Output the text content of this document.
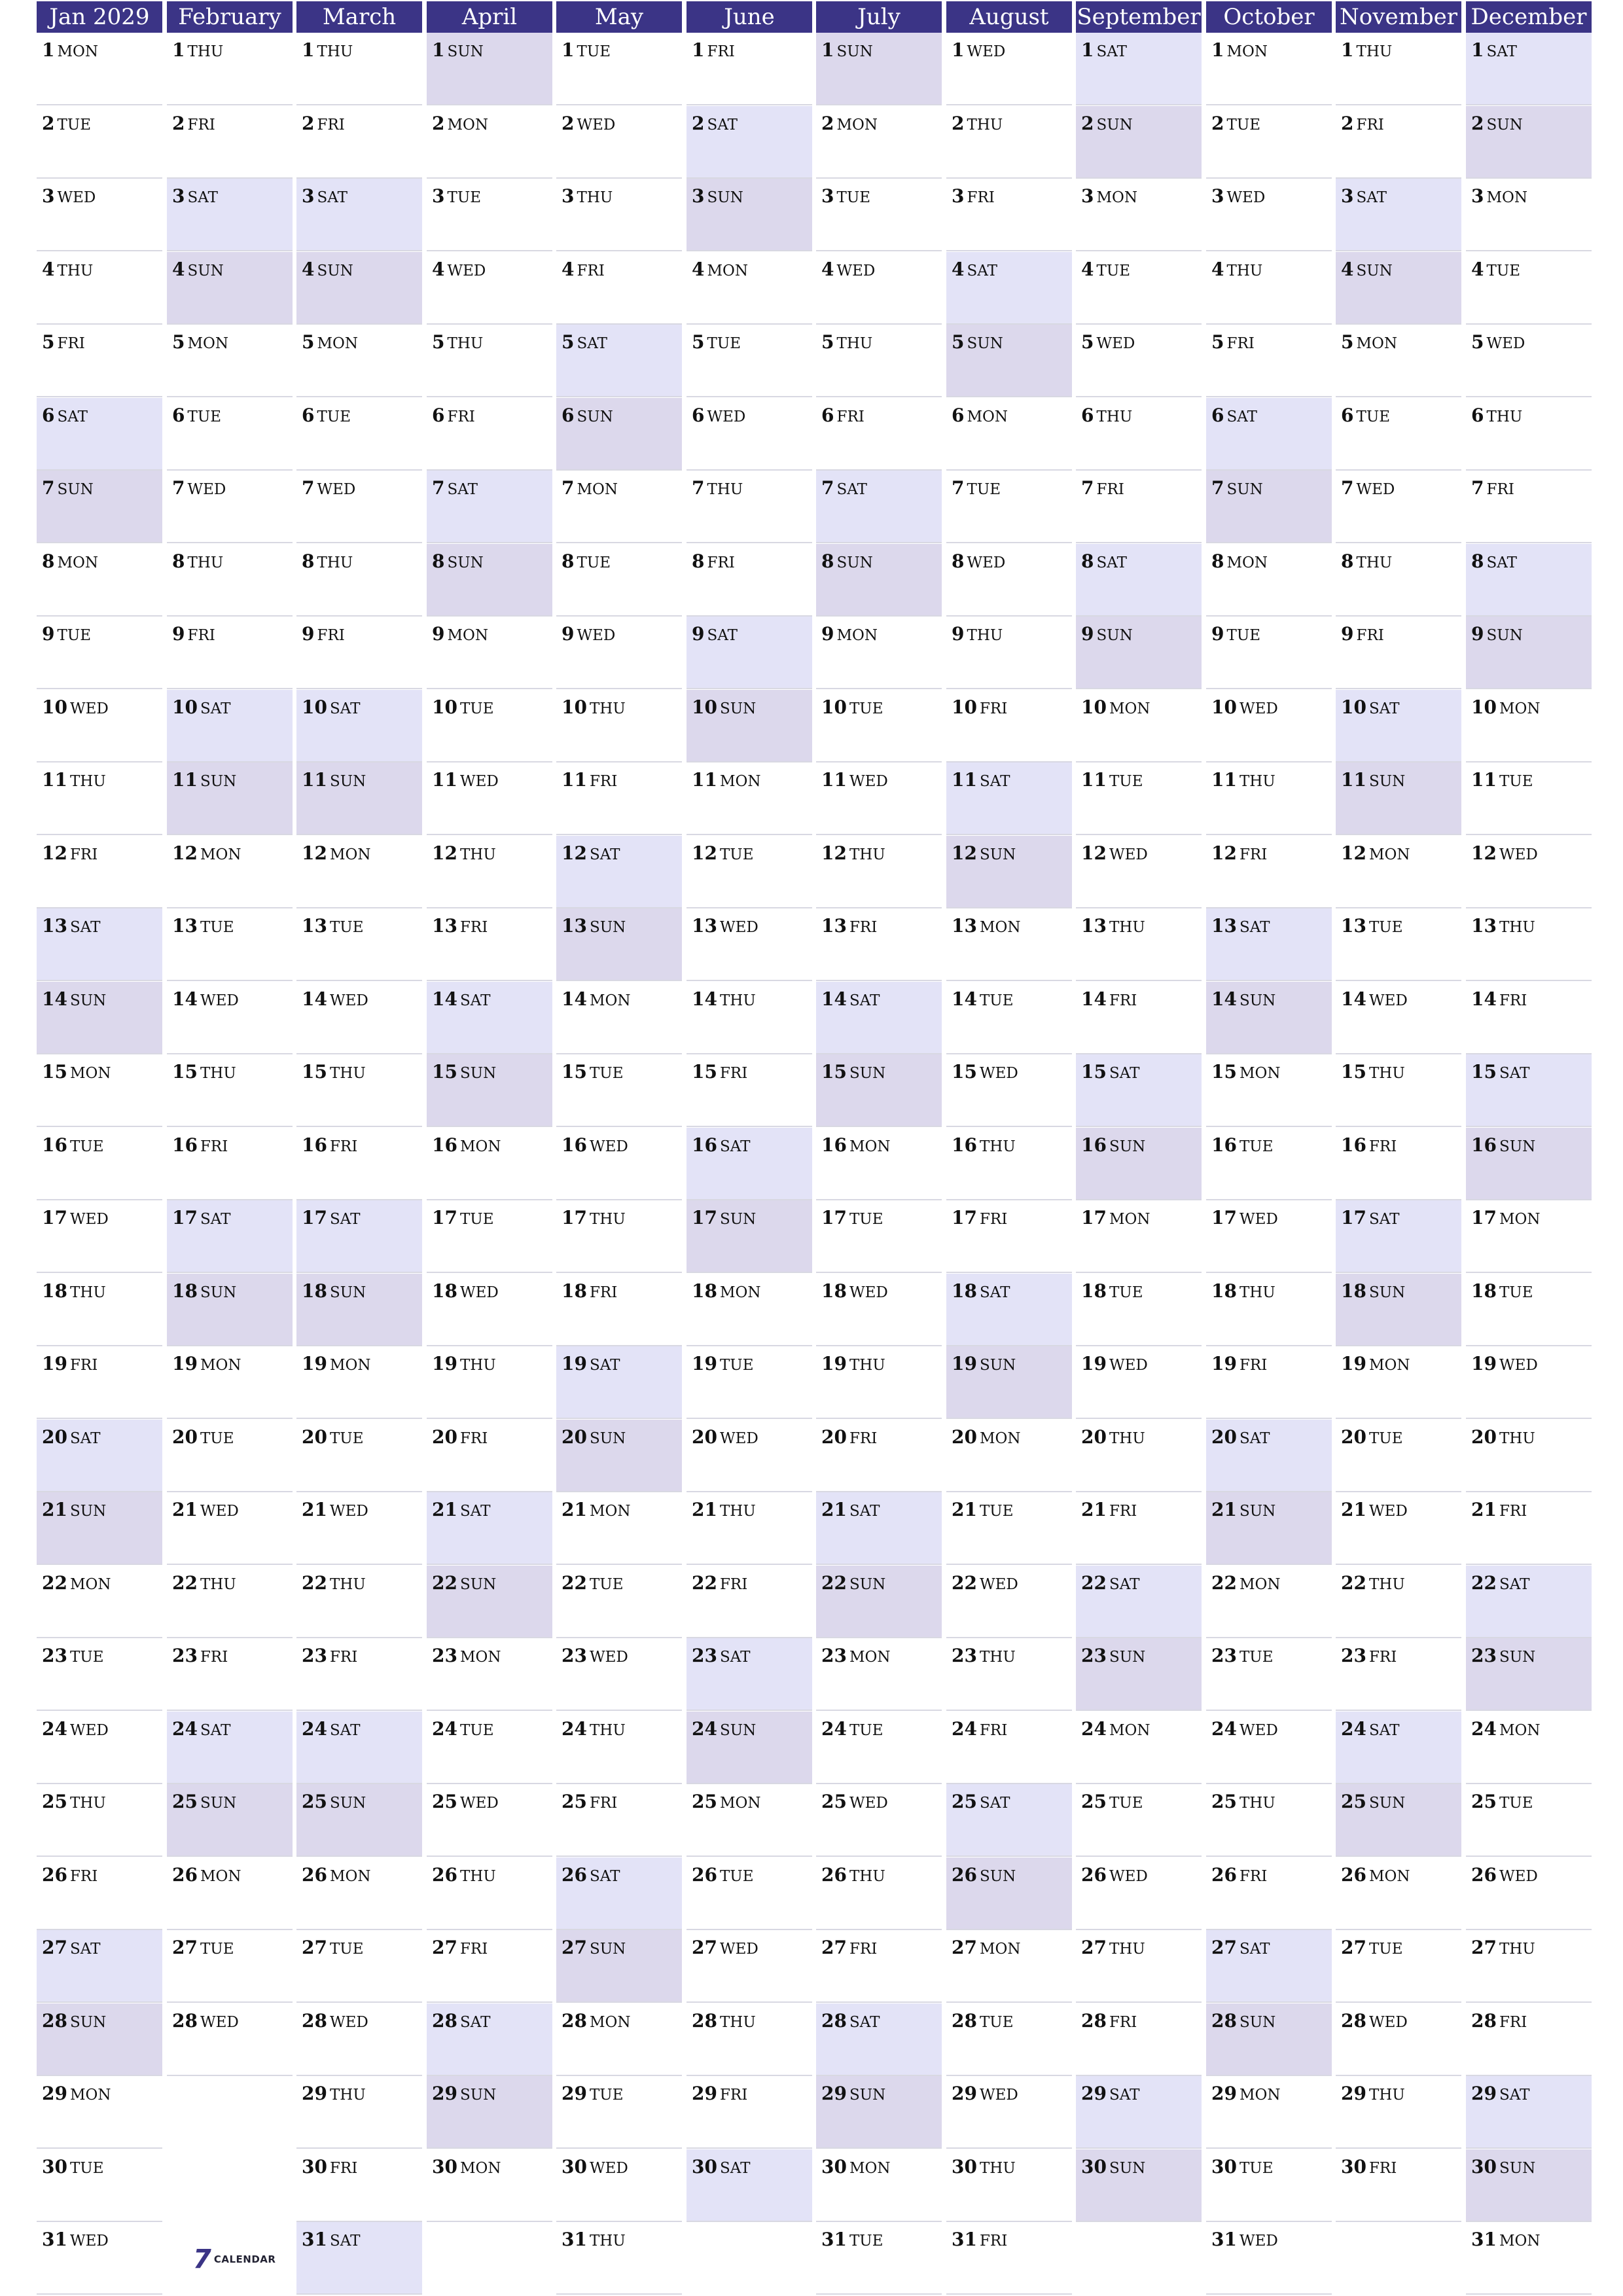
Jan 2029
1 MON
2 TUE
3 WED
4 THU
5 FRI
6 SAT
7 SUN
8 MON
9 TUE
10 WED
11 THU
12 FRI
13 SAT
14 SUN
15 MON
16 TUE
17 WED
18 THU
19 FRI
20 SAT
21 SUN
22 MON
23 TUE
24 WED
25 THU
26 FRI
27 SAT
28 SUN
29 MON
30 TUE
31 WED
February
1 THU
2 FRI
3 SAT
4 SUN
5 MON
6 TUE
7 WED
8 THU
9 FRI
10 SAT
11 SUN
12 MON
13 TUE
14 WED
15 THU
16 FRI
17 SAT
18 SUN
19 MON
20 TUE
21 WED
22 THU
23 FRI
24 SAT
25 SUN
26 MON
27 TUE
28 WED
March
1 THU
2 FRI
3 SAT
4 SUN
5 MON
6 TUE
7 WED
8 THU
9 FRI
10 SAT
11 SUN
12 MON
13 TUE
14 WED
15 THU
16 FRI
17 SAT
18 SUN
19 MON
20 TUE
21 WED
22 THU
23 FRI
24 SAT
25 SUN
26 MON
27 TUE
28 WED
29 THU
30 FRI
31 SAT
April
1 SUN
2 MON
3 TUE
4 WED
5 THU
6 FRI
7 SAT
8 SUN
9 MON
10 TUE
11 WED
12 THU
13 FRI
14 SAT
15 SUN
16 MON
17 TUE
18 WED
19 THU
20 FRI
21 SAT
22 SUN
23 MON
24 TUE
25 WED
26 THU
27 FRI
28 SAT
29 SUN
30 MON
May
1 TUE
2 WED
3 THU
4 FRI
5 SAT
6 SUN
7 MON
8 TUE
9 WED
10 THU
11 FRI
12 SAT
13 SUN
14 MON
15 TUE
16 WED
17 THU
18 FRI
19 SAT
20 SUN
21 MON
22 TUE
23 WED
24 THU
25 FRI
26 SAT
27 SUN
28 MON
29 TUE
30 WED
31 THU
June
1 FRI
2 SAT
3 SUN
4 MON
5 TUE
6 WED
7 THU
8 FRI
9 SAT
10 SUN
11 MON
12 TUE
13 WED
14 THU
15 FRI
16 SAT
17 SUN
18 MON
19 TUE
20 WED
21 THU
22 FRI
23 SAT
24 SUN
25 MON
26 TUE
27 WED
28 THU
29 FRI
30 SAT
July
1 SUN
2 MON
3 TUE
4 WED
5 THU
6 FRI
7 SAT
8 SUN
9 MON
10 TUE
11 WED
12 THU
13 FRI
14 SAT
15 SUN
16 MON
17 TUE
18 WED
19 THU
20 FRI
21 SAT
22 SUN
23 MON
24 TUE
25 WED
26 THU
27 FRI
28 SAT
29 SUN
30 MON
31 TUE
August
1 WED
2 THU
3 FRI
4 SAT
5 SUN
6 MON
7 TUE
8 WED
9 THU
10 FRI
11 SAT
12 SUN
13 MON
14 TUE
15 WED
16 THU
17 FRI
18 SAT
19 SUN
20 MON
21 TUE
22 WED
23 THU
24 FRI
25 SAT
26 SUN
27 MON
28 TUE
29 WED
30 THU
31 FRI
September
1 SAT
2 SUN
3 MON
4 TUE
5 WED
6 THU
7 FRI
8 SAT
9 SUN
10 MON
11 TUE
12 WED
13 THU
14 FRI
15 SAT
16 SUN
17 MON
18 TUE
19 WED
20 THU
21 FRI
22 SAT
23 SUN
24 MON
25 TUE
26 WED
27 THU
28 FRI
29 SAT
30 SUN
October
1 MON
2 TUE
3 WED
4 THU
5 FRI
6 SAT
7 SUN
8 MON
9 TUE
10 WED
11 THU
12 FRI
13 SAT
14 SUN
15 MON
16 TUE
17 WED
18 THU
19 FRI
20 SAT
21 SUN
22 MON
23 TUE
24 WED
25 THU
26 FRI
27 SAT
28 SUN
29 MON
30 TUE
31 WED
November
1 THU
2 FRI
3 SAT
4 SUN
5 MON
6 TUE
7 WED
8 THU
9 FRI
10 SAT
11 SUN
12 MON
13 TUE
14 WED
15 THU
16 FRI
17 SAT
18 SUN
19 MON
20 TUE
21 WED
22 THU
23 FRI
24 SAT
25 SUN
26 MON
27 TUE
28 WED
29 THU
30 FRI
December
1 SAT
2 SUN
3 MON
4 TUE
5 WED
6 THU
7 FRI
8 SAT
9 SUN
10 MON
11 TUE
12 WED
13 THU
14 FRI
15 SAT
16 SUN
17 MON
18 TUE
19 WED
20 THU
21 FRI
22 SAT
23 SUN
24 MON
25 TUE
26 WED
27 THU
28 FRI
29 SAT
30 SUN
31 MON
7 CALENDAR
